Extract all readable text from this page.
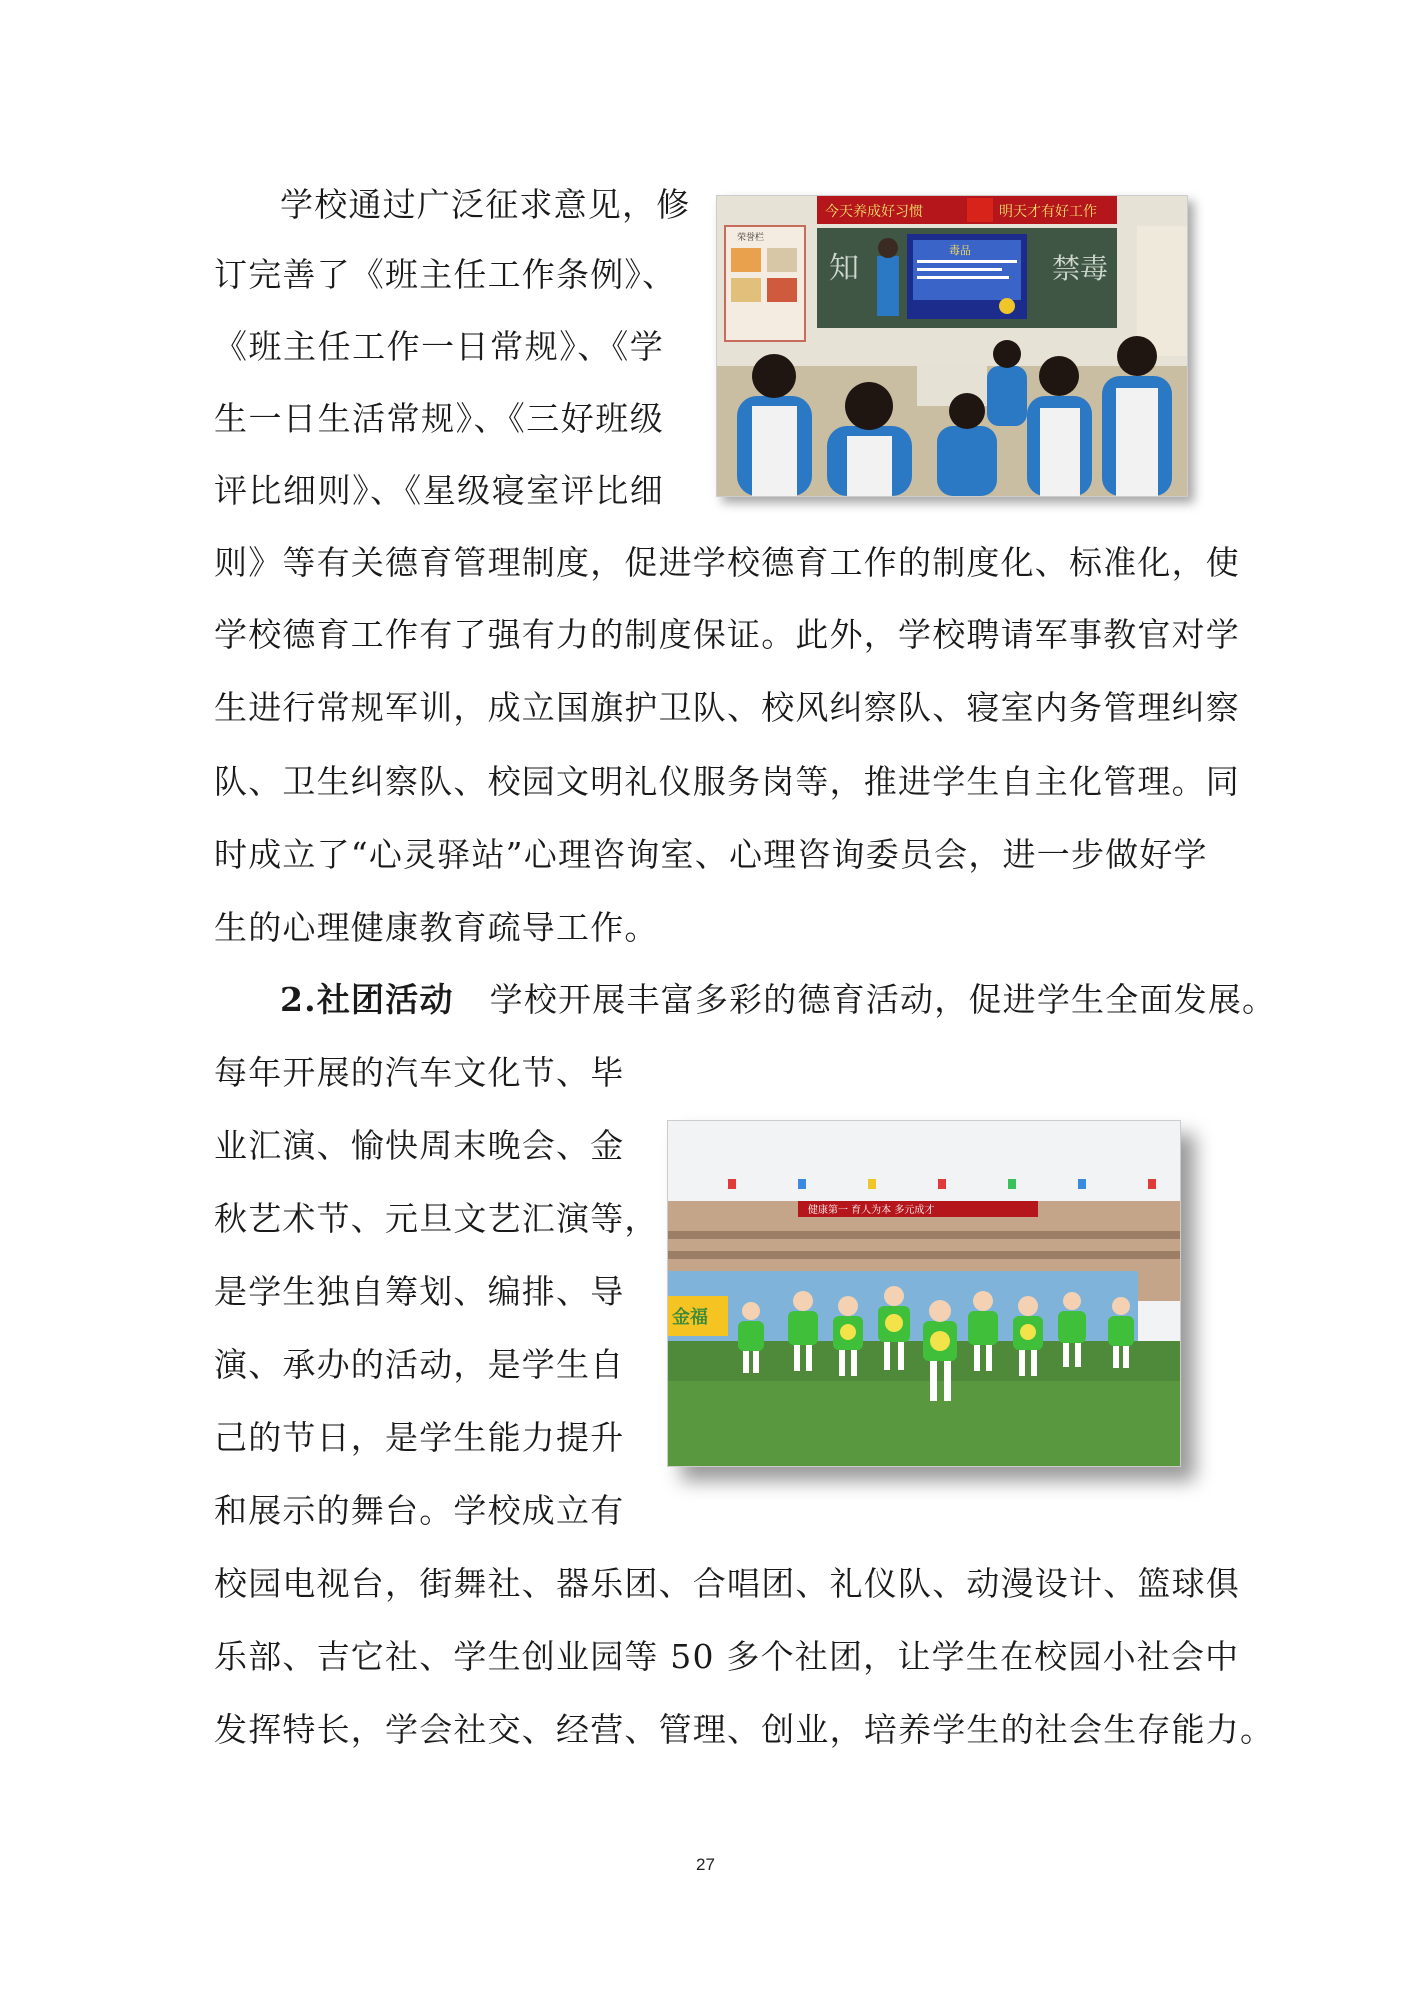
学校通过广泛征求意见，修
订完善了《班主任工作条例》、
《班主任工作一日常规》、《学
生一日生活常规》、《三好班级
评比细则》、《星级寝室评比细
则》等有关德育管理制度，促进学校德育工作的制度化、标准化，使
学校德育工作有了强有力的制度保证。此外，学校聘请军事教官对学
生进行常规军训，成立国旗护卫队、校风纠察队、寝室内务管理纠察
队、卫生纠察队、校园文明礼仪服务岗等，推进学生自主化管理。同
时成立了“心灵驿站”心理咨询室、心理咨询委员会，进一步做好学
生的心理健康教育疏导工作。
2.社团活动 学校开展丰富多彩的德育活动，促进学生全面发展。
每年开展的汽车文化节、毕
业汇演、愉快周末晚会、金
秋艺术节、元旦文艺汇演等，
是学生独自筹划、编排、导
演、承办的活动，是学生自
己的节日，是学生能力提升
和展示的舞台。学校成立有
校园电视台，街舞社、器乐团、合唱团、礼仪队、动漫设计、篮球俱
乐部、吉它社、学生创业园等 50 多个社团，让学生在校园小社会中
发挥特长，学会社交、经营、管理、创业，培养学生的社会生存能力。
今天养成好习惯	明天才有好工作
荣誉栏
知	禁毒
毒品
健康第一 育人为本 多元成才
金福
27
